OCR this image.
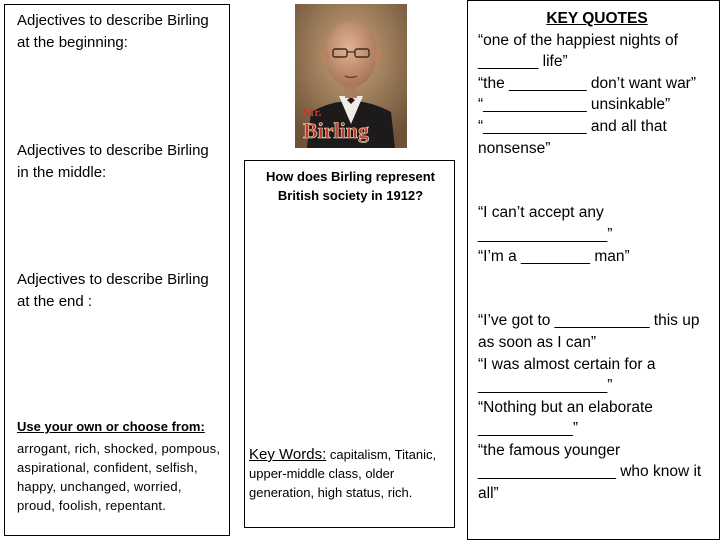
Adjectives to describe Birling at the beginning:
Adjectives to describe Birling in the middle:
Adjectives to describe Birling at the end :
Use your own or choose from:
arrogant, rich, shocked, pompous, aspirational, confident, selfish, happy, unchanged, worried, proud, foolish, repentant.
Mr.
Birling
How does Birling represent British society in 1912?
Key Words: capitalism, Titanic, upper-middle class, older generation, high status, rich.
KEY QUOTES
“one of the happiest nights of _______ life”
“the _________ don’t want war”
“____________ unsinkable”
“____________ and all that nonsense”
“I can’t accept any _______________”
“I’m a ________ man”
“I’ve got to ___________ this up as soon as I can”
“I was almost certain for a _______________”
“Nothing but an elaborate ___________”
“the famous younger ________________ who know it all”
